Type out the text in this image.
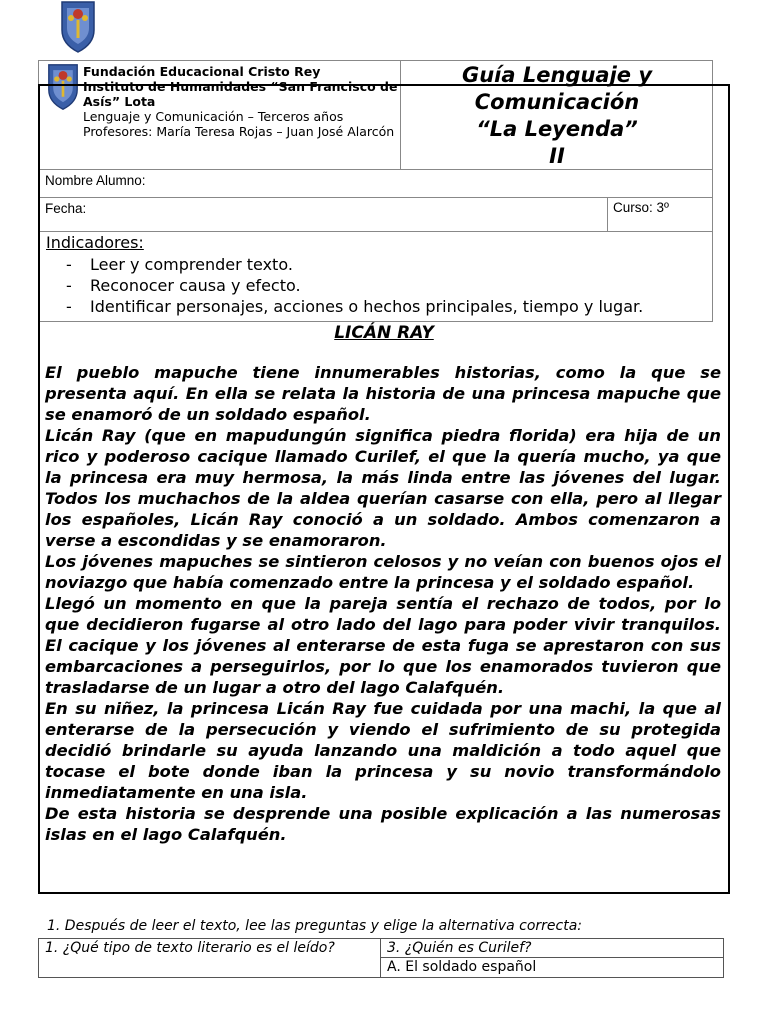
Fundación Educacional Cristo Rey
Instituto de Humanidades “San Francisco de Asís” Lota
Lenguaje y Comunicación – Terceros años
Profesores: María Teresa Rojas – Juan José Alarcón
Guía Lenguaje y
Comunicación
“La Leyenda”
II
Nombre Alumno:
Fecha:	Curso: 3º
Indicadores:
- Leer y comprender texto.
- Reconocer causa y efecto.
- Identificar personajes, acciones o hechos principales, tiempo y lugar.
LICÁN RAY

El pueblo mapuche tiene innumerables historias, como la que se presenta aquí. En ella se relata la historia de una princesa mapuche que se enamoró de un soldado español.

Licán Ray (que en mapudungún significa piedra florida) era hija de un rico y poderoso cacique llamado Curilef, el que la quería mucho, ya que la princesa era muy hermosa, la más linda entre las jóvenes del lugar. Todos los muchachos de la aldea querían casarse con ella, pero al llegar los españoles, Licán Ray conoció a un soldado. Ambos comenzaron a verse a escondidas y se enamoraron.

Los jóvenes mapuches se sintieron celosos y no veían con buenos ojos el noviazgo que había comenzado entre la princesa y el soldado español.

Llegó un momento en que la pareja sentía el rechazo de todos, por lo que decidieron fugarse al otro lado del lago para poder vivir tranquilos. El cacique y los jóvenes al enterarse de esta fuga se aprestaron con sus embarcaciones a perseguirlos, por lo que los enamorados tuvieron que trasladarse de un lugar a otro del lago Calafquén.

En su niñez, la princesa Licán Ray fue cuidada por una machi, la que al enterarse de la persecución y viendo el sufrimiento de su protegida decidió brindarle su ayuda lanzando una maldición a todo aquel que tocase el bote donde iban la princesa y su novio transformándolo inmediatamente en una isla.

De esta historia se desprende una posible explicación a las numerosas islas en el lago Calafquén.

1. Después de leer el texto, lee las preguntas y elige la alternativa correcta:
1. ¿Qué tipo de texto literario es el leído?	3. ¿Quién es Curilef?
A. El soldado español
